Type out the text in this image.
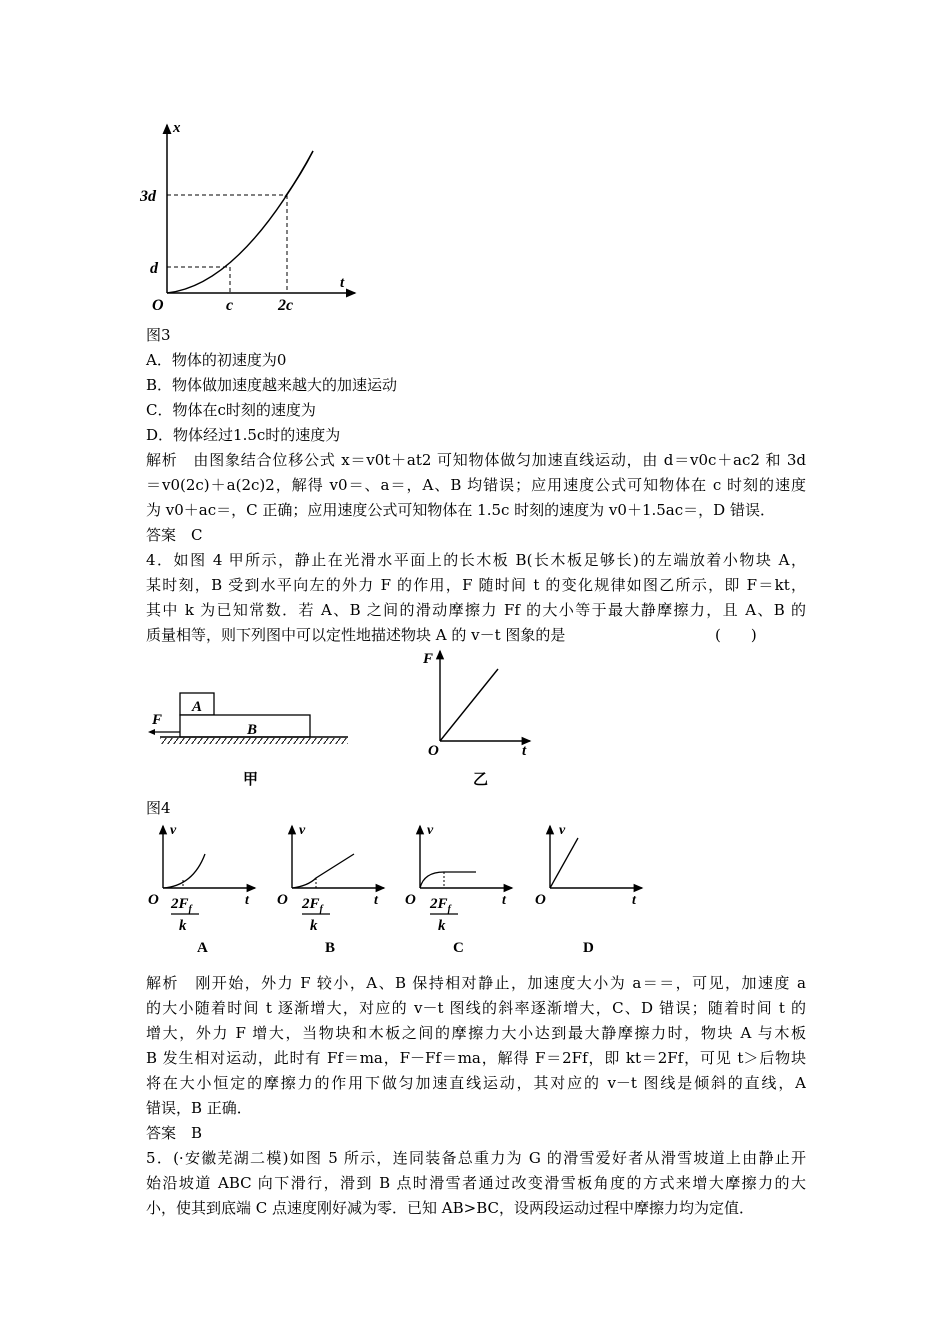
x
t
O
3d
d
c	2c
图3
A．物体的初速度为0
B．物体做加速度越来越大的加速运动
C．物体在c时刻的速度为
D．物体经过1.5c时的速度为
解析　由图象结合位移公式 x＝v0t＋at2 可知物体做匀加速直线运动，由 d＝v0c＋ac2 和 3d
＝v0(2c)＋a(2c)2，解得 v0＝、a＝，A、B 均错误；应用速度公式可知物体在 c 时刻的速度
为 v0＋ac＝，C 正确；应用速度公式可知物体在 1.5c 时刻的速度为 v0＋1.5ac＝，D 错误．
答案　C
4．如图 4 甲所示，静止在光滑水平面上的长木板 B(长木板足够长)的左端放着小物块 A，
某时刻，B 受到水平向左的外力 F 的作用，F 随时间 t 的变化规律如图乙所示，即 F＝kt，
其中 k 为已知常数．若 A、B 之间的滑动摩擦力 Ff 的大小等于最大静摩擦力，且 A、B 的
质量相等，则下列图中可以定性地描述物块 A 的 v－t 图象的是	(　　)
A
B
F
甲
F
t
O
乙
图4
v
t
O $2F_f$
k
A
v
t
O $2F_f$
k
B
v
t
O $2F_f$
k
C
v
t
O
D
解析　刚开始，外力 F 较小，A、B 保持相对静止，加速度大小为 a＝＝，可见，加速度 a
的大小随着时间 t 逐渐增大，对应的 v－t 图线的斜率逐渐增大，C、D 错误；随着时间 t 的
增大，外力 F 增大，当物块和木板之间的摩擦力大小达到最大静摩擦力时，物块 A 与木板
B 发生相对运动，此时有 Ff＝ma，F－Ff＝ma，解得 F＝2Ff，即 kt＝2Ff，可见 t＞后物块
将在大小恒定的摩擦力的作用下做匀加速直线运动，其对应的 v－t 图线是倾斜的直线，A
错误，B 正确．
答案　B
5．(·安徽芜湖二模)如图 5 所示，连同装备总重力为 G 的滑雪爱好者从滑雪坡道上由静止开
始沿坡道 ABC 向下滑行，滑到 B 点时滑雪者通过改变滑雪板角度的方式来增大摩擦力的大
小，使其到底端 C 点速度刚好减为零．已知 AB>BC，设两段运动过程中摩擦力均为定值．
